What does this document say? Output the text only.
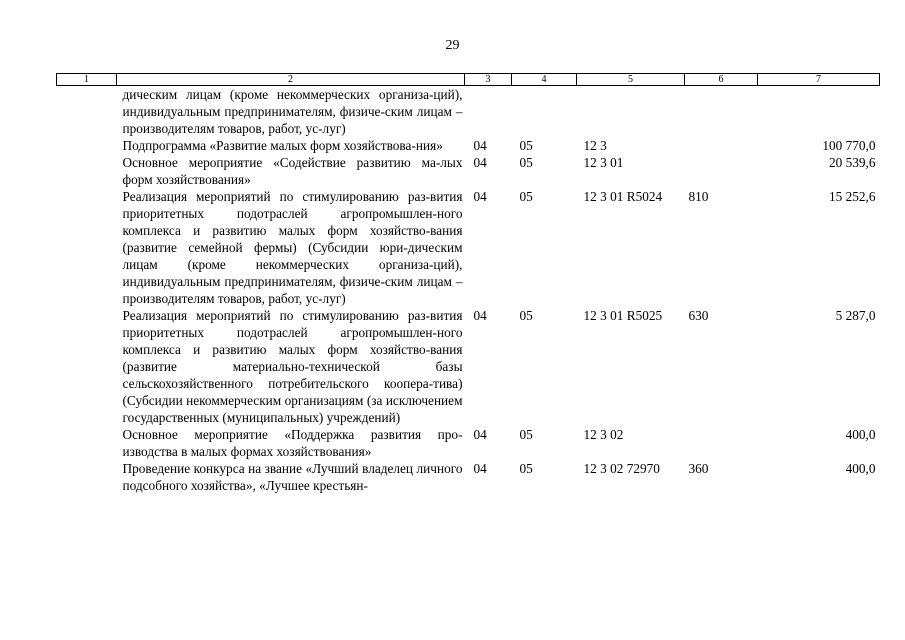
29
1	2	3	4	5	6	7
	дическим лицам (кроме некоммерческих организа-ций), индивидуальным предпринимателям, физиче-ским лицам – производителям товаров, работ, ус-луг)					
	Подпрограмма «Развитие малых форм хозяйствова-ния»	04	05	12 3		100 770,0
	Основное мероприятие «Содействие развитию ма-лых форм хозяйствования»	04	05	12 3 01		20 539,6
	Реализация мероприятий по стимулированию раз-вития приоритетных подотраслей агропромышлен-ного комплекса и развитию малых форм хозяйство-вания (развитие семейной фермы) (Субсидии юри-дическим лицам (кроме некоммерческих организа-ций), индивидуальным предпринимателям, физиче-ским лицам – производителям товаров, работ, ус-луг)	04	05	12 3 01 R5024	810	15 252,6
	Реализация мероприятий по стимулированию раз-вития приоритетных подотраслей агропромышлен-ного комплекса и развитию малых форм хозяйство-вания (развитие материально-технической базы сельскохозяйственного потребительского коопера-тива) (Субсидии некоммерческим организациям (за исключением государственных (муниципальных) учреждений)	04	05	12 3 01 R5025	630	5 287,0
	Основное мероприятие «Поддержка развития про-изводства в малых формах хозяйствования»	04	05	12 3 02		400,0
	Проведение конкурса на звание «Лучший владелец личного подсобного хозяйства», «Лучшее крестьян-	04	05	12 3 02 72970	360	400,0
